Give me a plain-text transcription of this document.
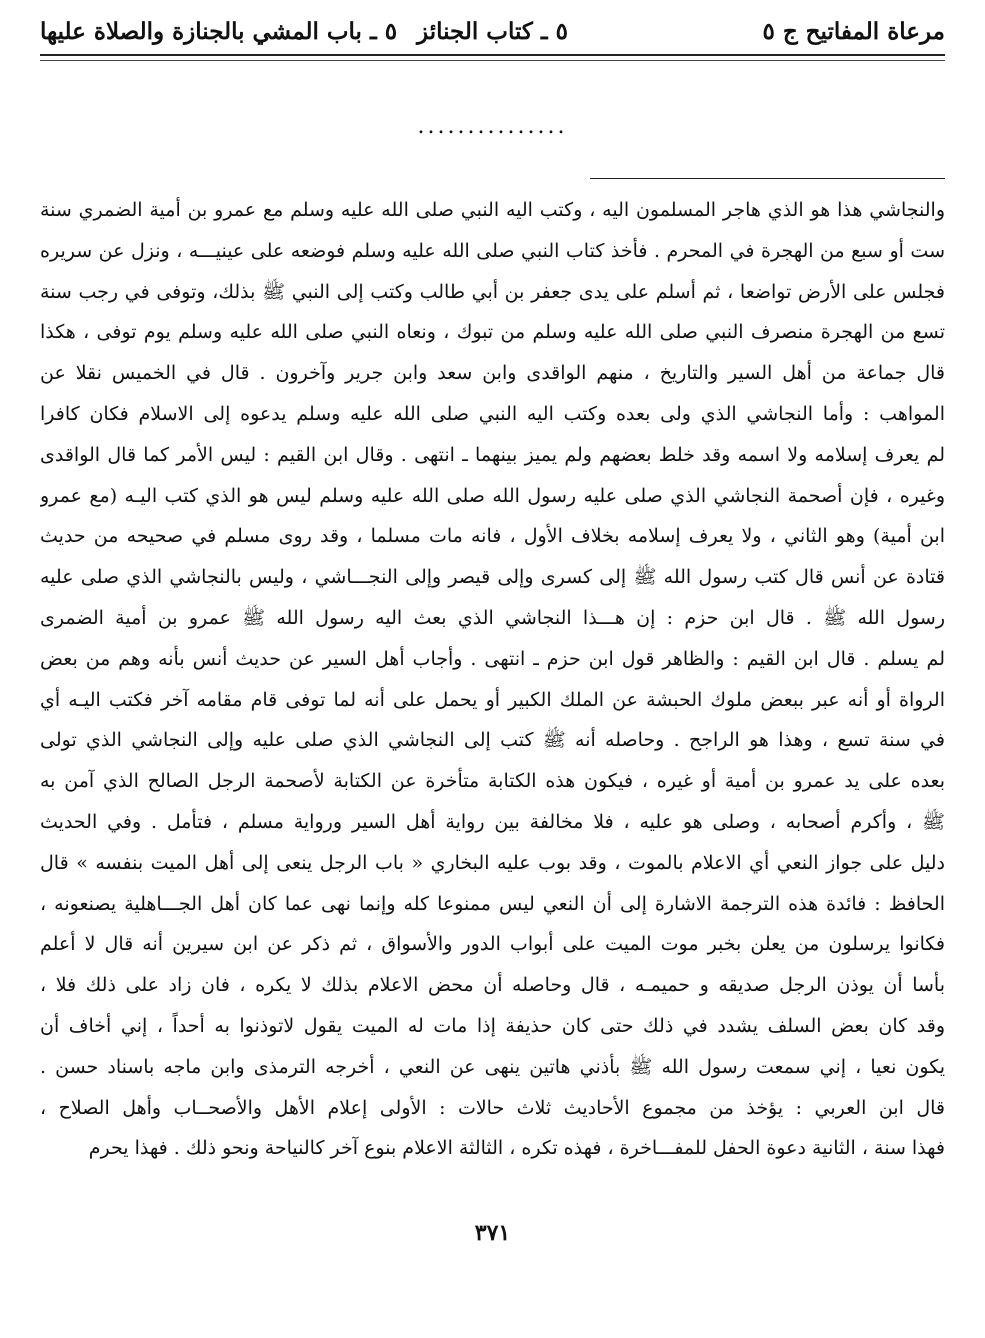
مرعاة المفاتيح ج ٥
٥ ـ كتاب الجنائز
٥ ـ باب المشي بالجنازة والصلاة عليها
...............
والنجاشي هذا هو الذي هاجر المسلمون اليه ، وكتب اليه النبي صلى الله عليه وسلم مع عمرو بن أمية الضمري سنة
ست أو سبع من الهجرة في المحرم . فأخذ كتاب النبي صلى الله عليه وسلم فوضعه على عينيـــه ، ونزل عن سريره
فجلس على الأرض تواضعا ، ثم أسلم على يدى جعفر بن أبي طالب وكتب إلى النبي ﷺ بذلك، وتوفى في رجب سنة
تسع من الهجرة منصرف النبي صلى الله عليه وسلم من تبوك ، ونعاه النبي صلى الله عليه وسلم يوم توفى ، هكذا
قال جماعة من أهل السير والتاريخ ، منهم الواقدى وابن سعد وابن جرير وآخرون . قال في الخميس نقلا عن
المواهب : وأما النجاشي الذي ولى بعده وكتب اليه النبي صلى الله عليه وسلم يدعوه إلى الاسلام فكان كافرا
لم يعرف إسلامه ولا اسمه وقد خلط بعضهم ولم يميز بينهما ـ انتهى . وقال ابن القيم : ليس الأمر كما قال الواقدى
وغيره ، فإن أصحمة النجاشي الذي صلى عليه رسول الله صلى الله عليه وسلم ليس هو الذي كتب اليـه (مع عمرو
ابن أمية) وهو الثاني ، ولا يعرف إسلامه بخلاف الأول ، فانه مات مسلما ، وقد روى مسلم في صحيحه من حديث
قتادة عن أنس قال كتب رسول الله ﷺ إلى كسرى وإلى قيصر وإلى النجـــاشي ، وليس بالنجاشي الذي صلى عليه
رسول الله ﷺ . قال ابن حزم : إن هـــذا النجاشي الذي بعث اليه رسول الله ﷺ عمرو بن أمية الضمرى
لم يسلم . قال ابن القيم : والظاهر قول ابن حزم ـ انتهى . وأجاب أهل السير عن حديث أنس بأنه وهم من بعض
الرواة أو أنه عبر ببعض ملوك الحبشة عن الملك الكبير أو يحمل على أنه لما توفى قام مقامه آخر فكتب اليـه أي
في سنة تسع ، وهذا هو الراجح . وحاصله أنه ﷺ كتب إلى النجاشي الذي صلى عليه وإلى النجاشي الذي تولى
بعده على يد عمرو بن أمية أو غيره ، فيكون هذه الكتابة متأخرة عن الكتابة لأصحمة الرجل الصالح الذي آمن به
ﷺ ، وأكرم أصحابه ، وصلى هو عليه ، فلا مخالفة بين رواية أهل السير ورواية مسلم ، فتأمل . وفي الحديث
دليل على جواز النعي أي الاعلام بالموت ، وقد بوب عليه البخاري « باب الرجل ينعى إلى أهل الميت بنفسه » قال
الحافظ : فائدة هذه الترجمة الاشارة إلى أن النعي ليس ممنوعا كله وإنما نهى عما كان أهل الجـــاهلية يصنعونه ،
فكانوا يرسلون من يعلن بخبر موت الميت على أبواب الدور والأسواق ، ثم ذكر عن ابن سيرين أنه قال لا أعلم
بأسا أن يوذن الرجل صديقه و حميمـه ، قال وحاصله أن محض الاعلام بذلك لا يكره ، فان زاد على ذلك فلا ،
وقد كان بعض السلف يشدد في ذلك حتى كان حذيفة إذا مات له الميت يقول لاتوذنوا به أحداً ، إني أخاف أن
يكون نعيا ، إني سمعت رسول الله ﷺ بأذني هاتين ينهى عن النعي ، أخرجه الترمذى وابن ماجه باسناد حسن .
قال ابن العربي : يؤخذ من مجموع الأحاديث ثلاث حالات : الأولى إعلام الأهل والأصحــاب وأهل الصلاح ،
فهذا سنة ، الثانية دعوة الحفل للمفـــاخرة ، فهذه تكره ، الثالثة الاعلام بنوع آخر كالنياحة ونحو ذلك . فهذا يحرم
٣٧١
